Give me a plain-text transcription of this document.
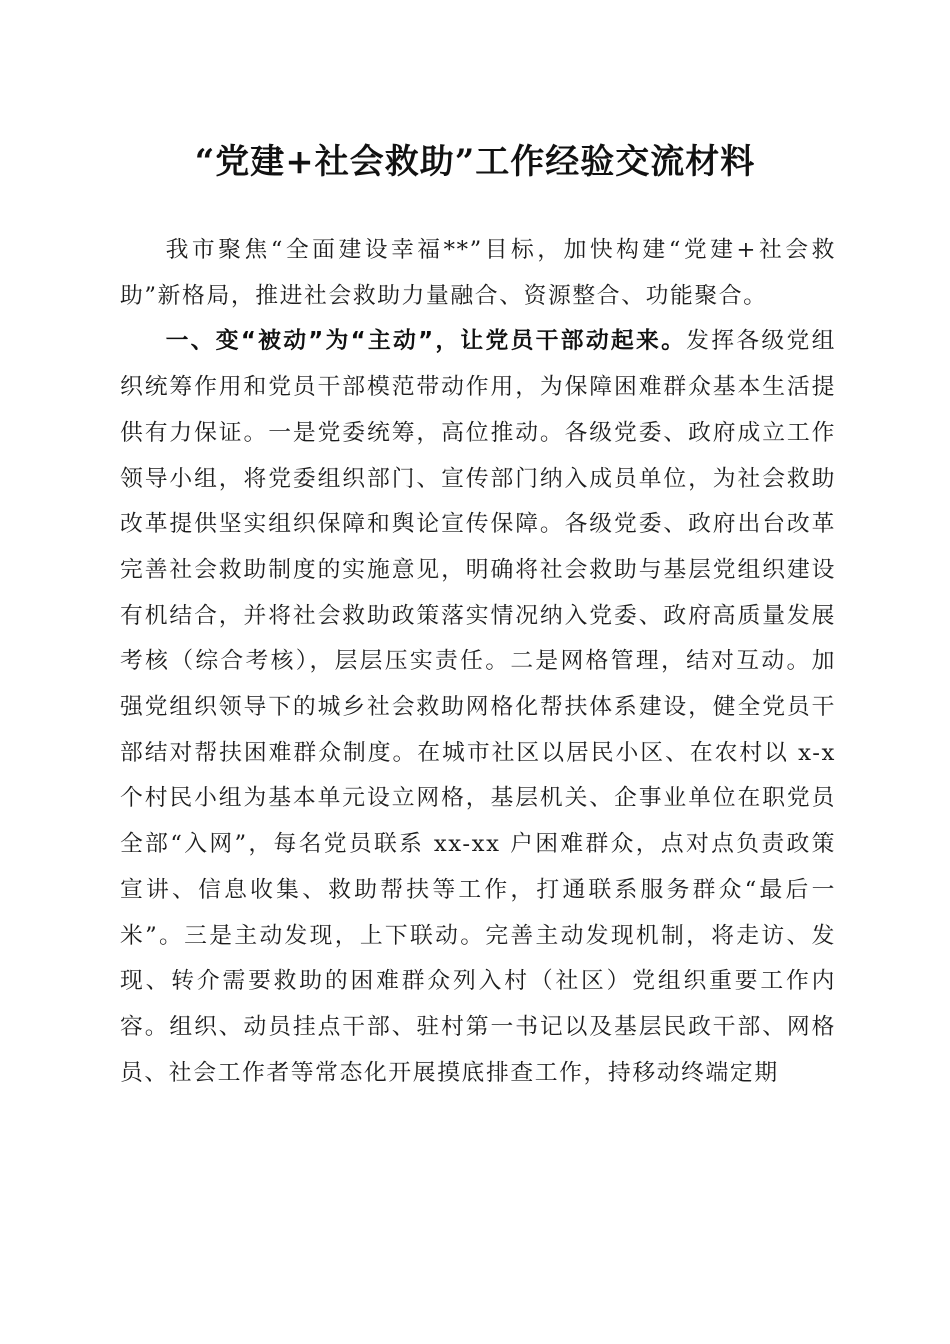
“党建+社会救助”工作经验交流材料

我市聚焦“全面建设幸福**”目标，加快构建“党建+社会救助”新格局，推进社会救助力量融合、资源整合、功能聚合。

一、变“被动”为“主动”，让党员干部动起来。发挥各级党组织统筹作用和党员干部模范带动作用，为保障困难群众基本生活提供有力保证。一是党委统筹，高位推动。各级党委、政府成立工作领导小组，将党委组织部门、宣传部门纳入成员单位，为社会救助改革提供坚实组织保障和舆论宣传保障。各级党委、政府出台改革完善社会救助制度的实施意见，明确将社会救助与基层党组织建设有机结合，并将社会救助政策落实情况纳入党委、政府高质量发展考核（综合考核），层层压实责任。二是网格管理，结对互动。加强党组织领导下的城乡社会救助网格化帮扶体系建设，健全党员干部结对帮扶困难群众制度。在城市社区以居民小区、在农村以 x-x 个村民小组为基本单元设立网格，基层机关、企事业单位在职党员全部“入网”，每名党员联系 xx-xx 户困难群众，点对点负责政策宣讲、信息收集、救助帮扶等工作，打通联系服务群众“最后一米”。三是主动发现，上下联动。完善主动发现机制，将走访、发现、转介需要救助的困难群众列入村（社区）党组织重要工作内容。组织、动员挂点干部、驻村第一书记以及基层民政干部、网格员、社会工作者等常态化开展摸底排查工作，持移动终端定期
